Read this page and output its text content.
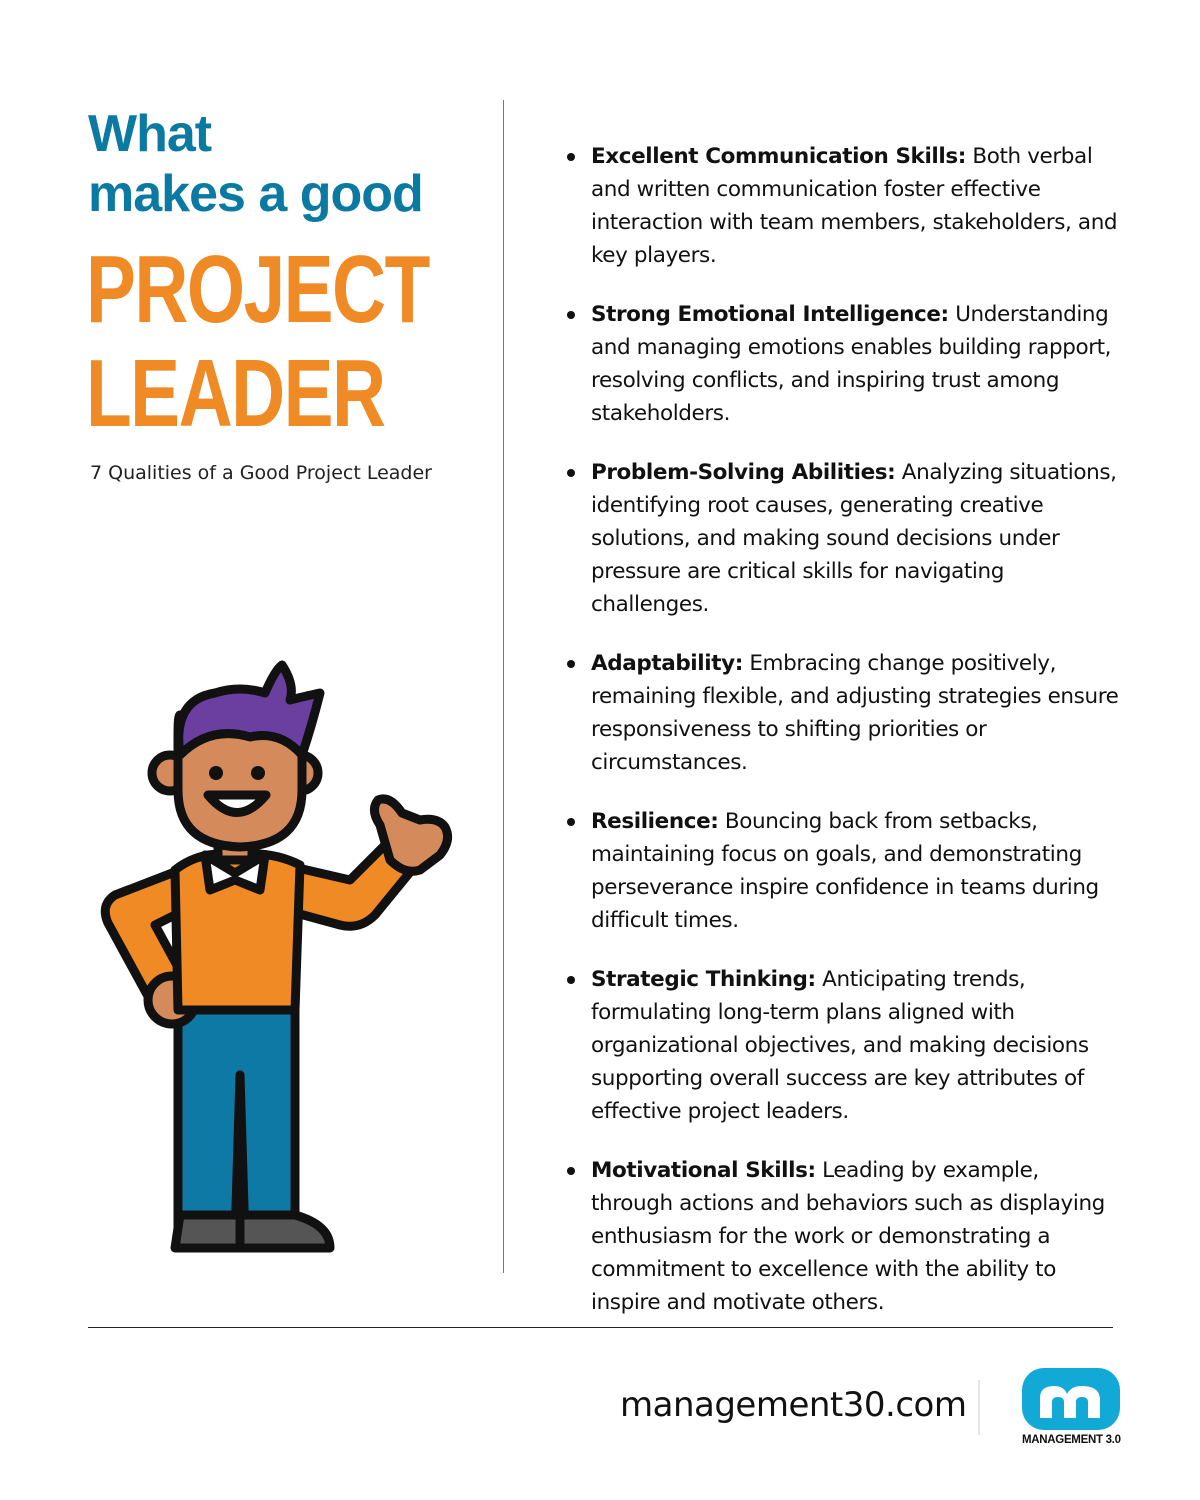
What
makes a good
PROJECT
LEADER
7 Qualities of a Good Project Leader
Excellent Communication Skills: Both verbal and written communication foster effective interaction with team members, stakeholders, and key players.
Strong Emotional Intelligence: Understanding and managing emotions enables building rapport, resolving conflicts, and inspiring trust among stakeholders.
Problem-Solving Abilities: Analyzing situations, identifying root causes, generating creative solutions, and making sound decisions under pressure are critical skills for navigating challenges.
Adaptability: Embracing change positively, remaining flexible, and adjusting strategies ensure responsiveness to shifting priorities or circumstances.
Resilience: Bouncing back from setbacks, maintaining focus on goals, and demonstrating perseverance inspire confidence in teams during difficult times.
Strategic Thinking: Anticipating trends, formulating long-term plans aligned with organizational objectives, and making decisions supporting overall success are key attributes of effective project leaders.
Motivational Skills: Leading by example, through actions and behaviors such as displaying enthusiasm for the work or demonstrating a commitment to excellence with the ability to inspire and motivate others.
management30.com
MANAGEMENT 3.0
